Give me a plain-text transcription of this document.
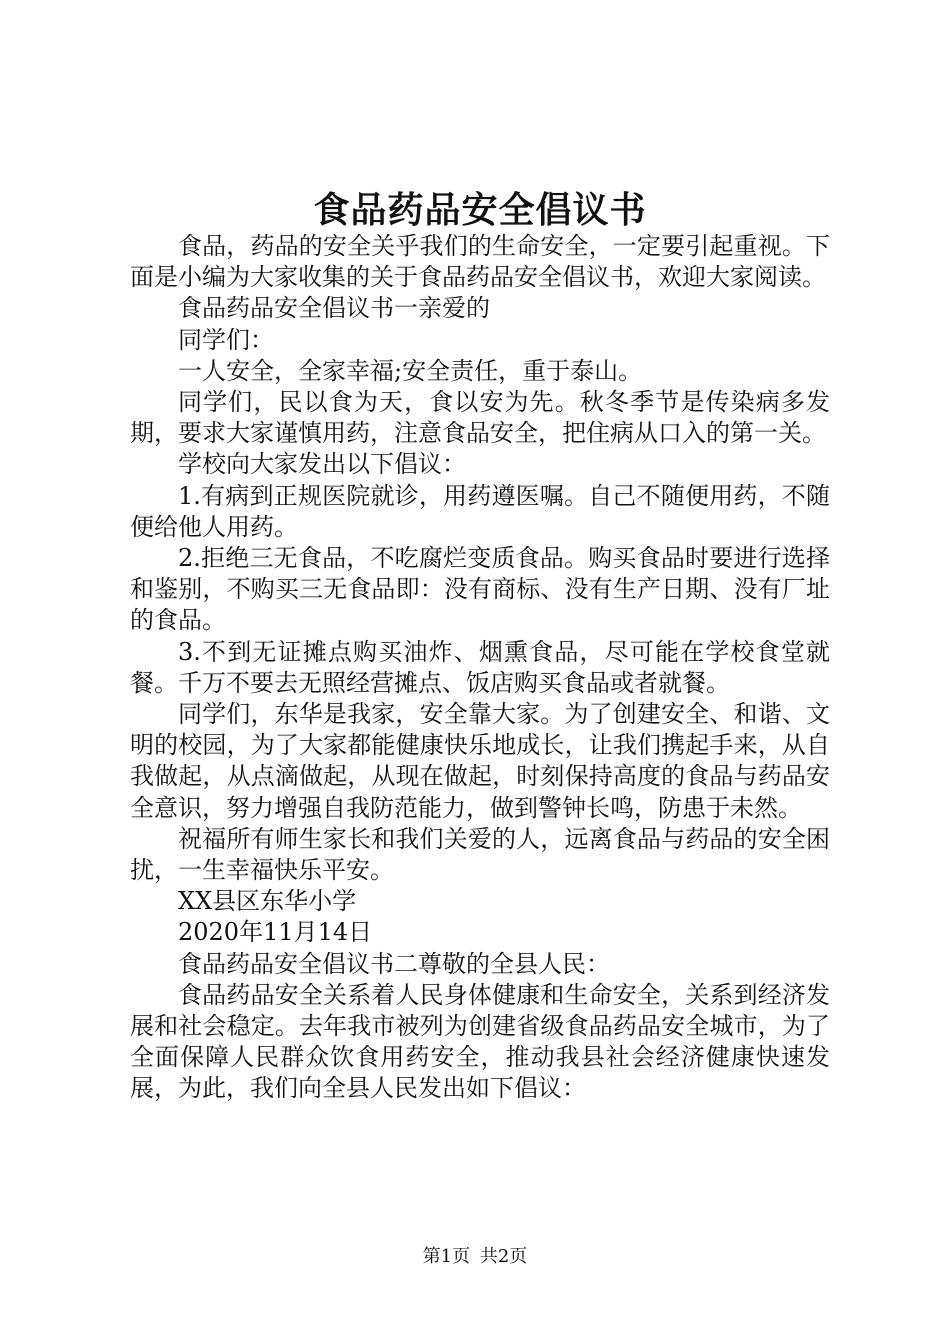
食品药品安全倡议书

食品，药品的安全关乎我们的生命安全，一定要引起重视。下面是小编为大家收集的关于食品药品安全倡议书，欢迎大家阅读。

食品药品安全倡议书一亲爱的

同学们：

一人安全，全家幸福;安全责任，重于泰山。

同学们，民以食为天，食以安为先。秋冬季节是传染病多发期，要求大家谨慎用药，注意食品安全，把住病从口入的第一关。

学校向大家发出以下倡议：

1.有病到正规医院就诊，用药遵医嘱。自己不随便用药，不随便给他人用药。

2.拒绝三无食品，不吃腐烂变质食品。购买食品时要进行选择和鉴别，不购买三无食品即：没有商标、没有生产日期、没有厂址的食品。

3.不到无证摊点购买油炸、烟熏食品，尽可能在学校食堂就餐。千万不要去无照经营摊点、饭店购买食品或者就餐。

同学们，东华是我家，安全靠大家。为了创建安全、和谐、文明的校园，为了大家都能健康快乐地成长，让我们携起手来，从自我做起，从点滴做起，从现在做起，时刻保持高度的食品与药品安全意识，努力增强自我防范能力，做到警钟长鸣，防患于未然。

祝福所有师生家长和我们关爱的人，远离食品与药品的安全困扰，一生幸福快乐平安。

XX县区东华小学

2020年11月14日

食品药品安全倡议书二尊敬的全县人民：

食品药品安全关系着人民身体健康和生命安全，关系到经济发展和社会稳定。去年我市被列为创建省级食品药品安全城市，为了全面保障人民群众饮食用药安全，推动我县社会经济健康快速发展，为此，我们向全县人民发出如下倡议：

第1页 共2页
